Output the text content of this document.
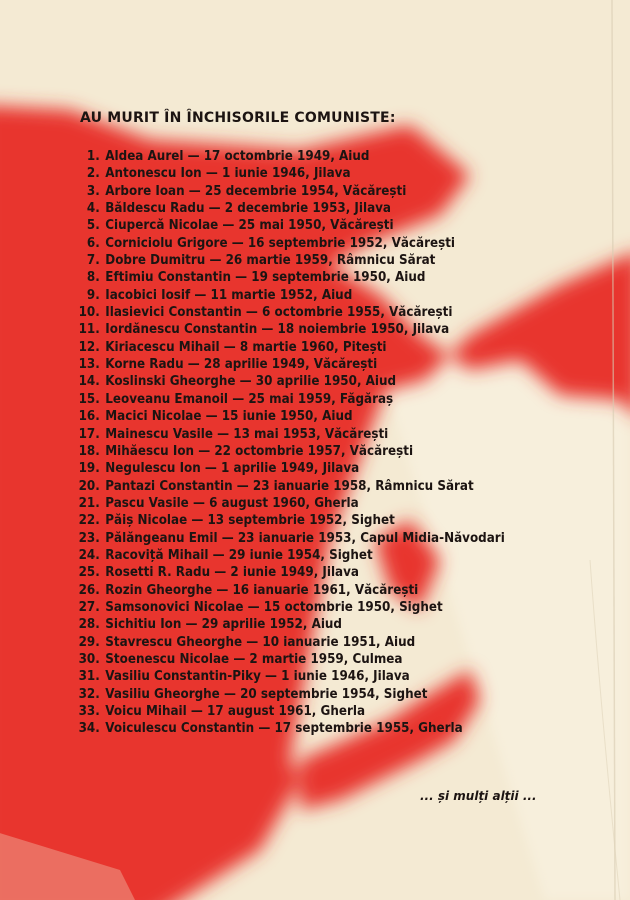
AU MURIT ÎN ÎNCHISORILE COMUNISTE:
1. Aldea Aurel — 17 octombrie 1949, Aiud
2. Antonescu Ion — 1 iunie 1946, Jilava
3. Arbore Ioan — 25 decembrie 1954, Văcărești
4. Băldescu Radu — 2 decembrie 1953, Jilava
5. Ciupercă Nicolae — 25 mai 1950, Văcărești
6. Corniciolu Grigore — 16 septembrie 1952, Văcărești
7. Dobre Dumitru — 26 martie 1959, Râmnicu Sărat
8. Eftimiu Constantin — 19 septembrie 1950, Aiud
9. Iacobici Iosif — 11 martie 1952, Aiud
10. Ilasievici Constantin — 6 octombrie 1955, Văcărești
11. Iordănescu Constantin — 18 noiembrie 1950, Jilava
12. Kiriacescu Mihail — 8 martie 1960, Pitești
13. Korne Radu — 28 aprilie 1949, Văcărești
14. Koslinski Gheorghe — 30 aprilie 1950, Aiud
15. Leoveanu Emanoil — 25 mai 1959, Făgăraș
16. Macici Nicolae — 15 iunie 1950, Aiud
17. Mainescu Vasile — 13 mai 1953, Văcărești
18. Mihăescu Ion — 22 octombrie 1957, Văcărești
19. Negulescu Ion — 1 aprilie 1949, Jilava
20. Pantazi Constantin — 23 ianuarie 1958, Râmnicu Sărat
21. Pascu Vasile — 6 august 1960, Gherla
22. Păiș Nicolae — 13 septembrie 1952, Sighet
23. Pălăngeanu Emil — 23 ianuarie 1953, Capul Midia-Năvodari
24. Racoviță Mihail — 29 iunie 1954, Sighet
25. Rosetti R. Radu — 2 iunie 1949, Jilava
26. Rozin Gheorghe — 16 ianuarie 1961, Văcărești
27. Samsonovici Nicolae — 15 octombrie 1950, Sighet
28. Sichitiu Ion — 29 aprilie 1952, Aiud
29. Stavrescu Gheorghe — 10 ianuarie 1951, Aiud
30. Stoenescu Nicolae — 2 martie 1959, Culmea
31. Vasiliu Constantin-Piky — 1 iunie 1946, Jilava
32. Vasiliu Gheorghe — 20 septembrie 1954, Sighet
33. Voicu Mihail — 17 august 1961, Gherla
34. Voiculescu Constantin — 17 septembrie 1955, Gherla
... și mulți alții ...
